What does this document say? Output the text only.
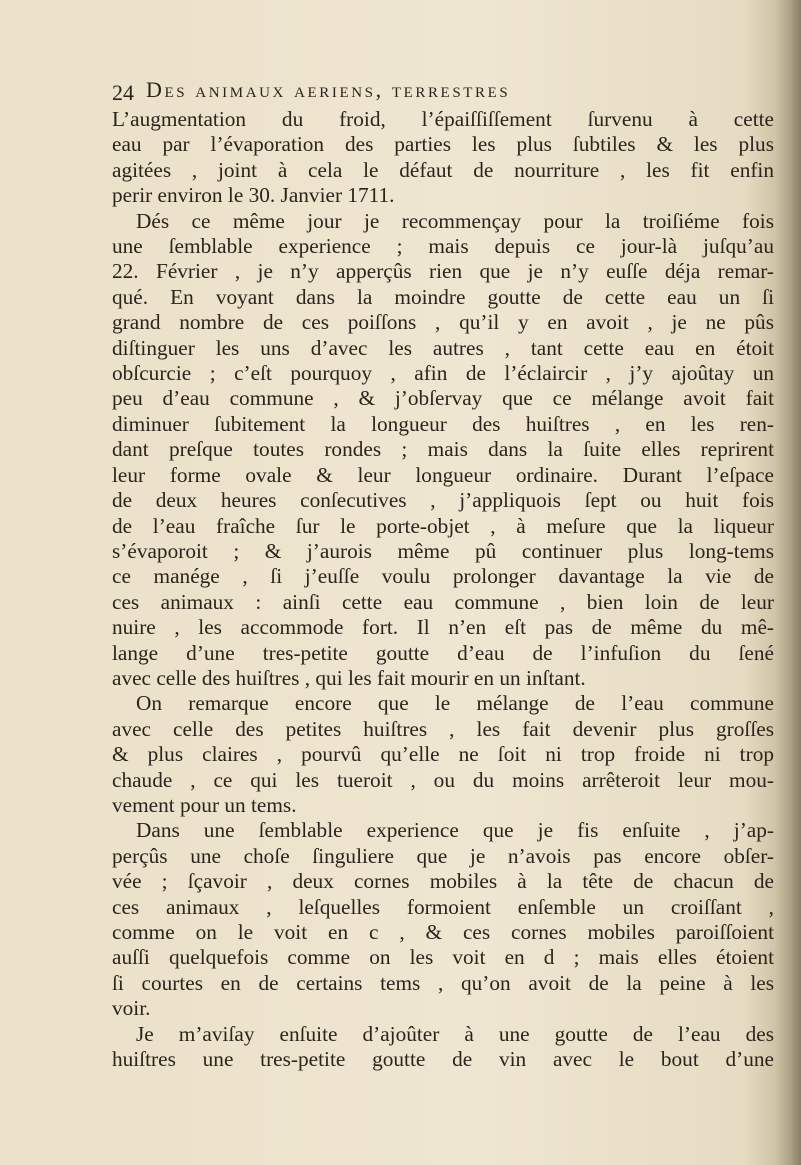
24 Des animaux aeriens, terrestres

L’augmentation du froid, l’épaiſſiſſement ſurvenu à cette
eau par l’évaporation des parties les plus ſubtiles & les plus
agitées , joint à cela le défaut de nourriture , les fit enfin
perir environ le 30. Janvier 1711.

Dés ce même jour je recommençay pour la troiſiéme fois
une ſemblable experience ; mais depuis ce jour-là juſqu’au
22. Février , je n’y apperçûs rien que je n’y euſſe déja remar-
qué. En voyant dans la moindre goutte de cette eau un ſi
grand nombre de ces poiſſons , qu’il y en avoit , je ne pûs
diſtinguer les uns d’avec les autres , tant cette eau en étoit
obſcurcie ; c’eſt pourquoy , afin de l’éclaircir , j’y ajoûtay un
peu d’eau commune , & j’obſervay que ce mélange avoit fait
diminuer ſubitement la longueur des huiſtres , en les ren-
dant preſque toutes rondes ; mais dans la ſuite elles reprirent
leur forme ovale & leur longueur ordinaire. Durant l’eſpace
de deux heures conſecutives , j’appliquois ſept ou huit fois
de l’eau fraîche ſur le porte-objet , à meſure que la liqueur
s’évaporoit ; & j’aurois même pû continuer plus long-tems
ce manége , ſi j’euſſe voulu prolonger davantage la vie de
ces animaux : ainſi cette eau commune , bien loin de leur
nuire , les accommode fort. Il n’en eſt pas de même du mê-
lange d’une tres-petite goutte d’eau de l’infuſion du ſené
avec celle des huiſtres , qui les fait mourir en un inſtant.

On remarque encore que le mélange de l’eau commune
avec celle des petites huiſtres , les fait devenir plus groſſes
& plus claires , pourvû qu’elle ne ſoit ni trop froide ni trop
chaude , ce qui les tueroit , ou du moins arrêteroit leur mou-
vement pour un tems.

Dans une ſemblable experience que je fis enſuite , j’ap-
perçûs une choſe ſinguliere que je n’avois pas encore obſer-
vée ; ſçavoir , deux cornes mobiles à la tête de chacun de
ces animaux , leſquelles formoient enſemble un croiſſant ,
comme on le voit en c , & ces cornes mobiles paroiſſoient
auſſi quelquefois comme on les voit en d ; mais elles étoient
ſi courtes en de certains tems , qu’on avoit de la peine à les
voir.

Je m’aviſay enſuite d’ajoûter à une goutte de l’eau des
huiſtres une tres-petite goutte de vin avec le bout d’une
